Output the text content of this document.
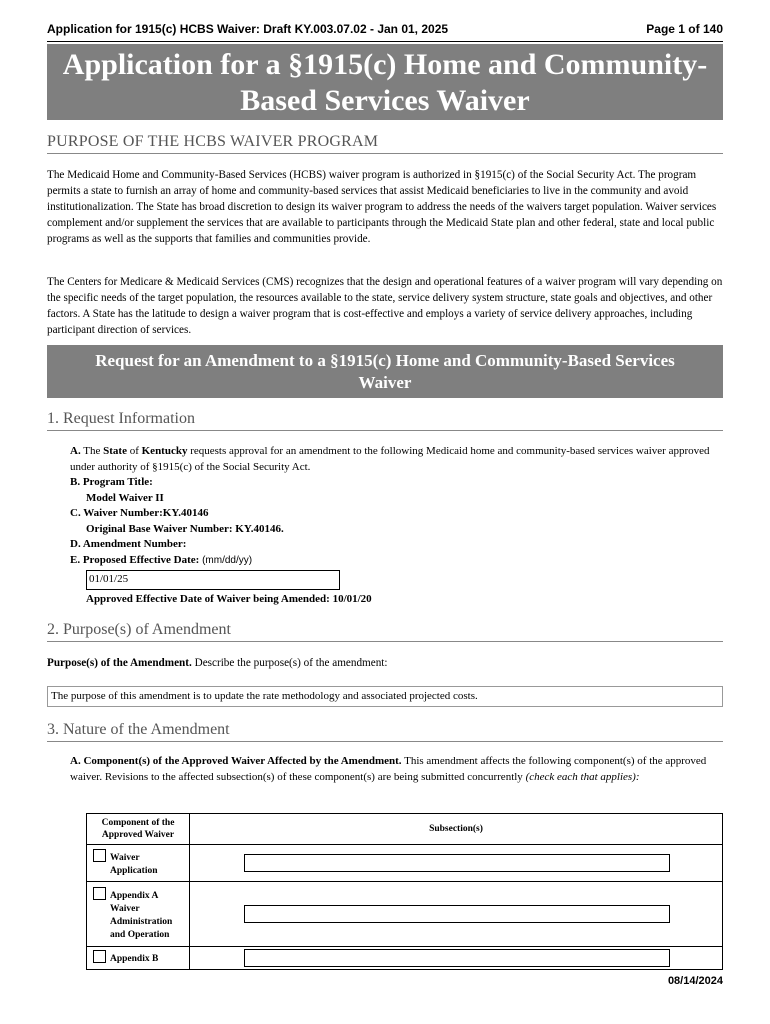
Application for 1915(c) HCBS Waiver: Draft KY.003.07.02 - Jan 01, 2025	Page 1 of 140
Application for a §1915(c) Home and Community-
Based Services Waiver
PURPOSE OF THE HCBS WAIVER PROGRAM
The Medicaid Home and Community-Based Services (HCBS) waiver program is authorized in §1915(c) of the Social Security Act. The program permits a state to furnish an array of home and community-based services that assist Medicaid beneficiaries to live in the community and avoid institutionalization. The State has broad discretion to design its waiver program to address the needs of the waivers target population. Waiver services complement and/or supplement the services that are available to participants through the Medicaid State plan and other federal, state and local public programs as well as the supports that families and communities provide.
The Centers for Medicare & Medicaid Services (CMS) recognizes that the design and operational features of a waiver program will vary depending on the specific needs of the target population, the resources available to the state, service delivery system structure, state goals and objectives, and other factors. A State has the latitude to design a waiver program that is cost-effective and employs a variety of service delivery approaches, including participant direction of services.
Request for an Amendment to a §1915(c) Home and Community-Based Services
Waiver
1. Request Information
A. The State of Kentucky requests approval for an amendment to the following Medicaid home and community-based services waiver approved under authority of §1915(c) of the Social Security Act.
B. Program Title:
Model Waiver II
C. Waiver Number:KY.40146
Original Base Waiver Number: KY.40146.
D. Amendment Number:
E. Proposed Effective Date: (mm/dd/yy)
01/01/25
Approved Effective Date of Waiver being Amended: 10/01/20
2. Purpose(s) of Amendment
Purpose(s) of the Amendment. Describe the purpose(s) of the amendment:
The purpose of this amendment is to update the rate methodology and associated projected costs.
3. Nature of the Amendment
A. Component(s) of the Approved Waiver Affected by the Amendment. This amendment affects the following component(s) of the approved waiver. Revisions to the affected subsection(s) of these component(s) are being submitted concurrently (check each that applies):
Component of the Approved Waiver	Subsection(s)
Waiver Application	

Appendix A Waiver Administration and Operation	

Appendix B	
08/14/2024
